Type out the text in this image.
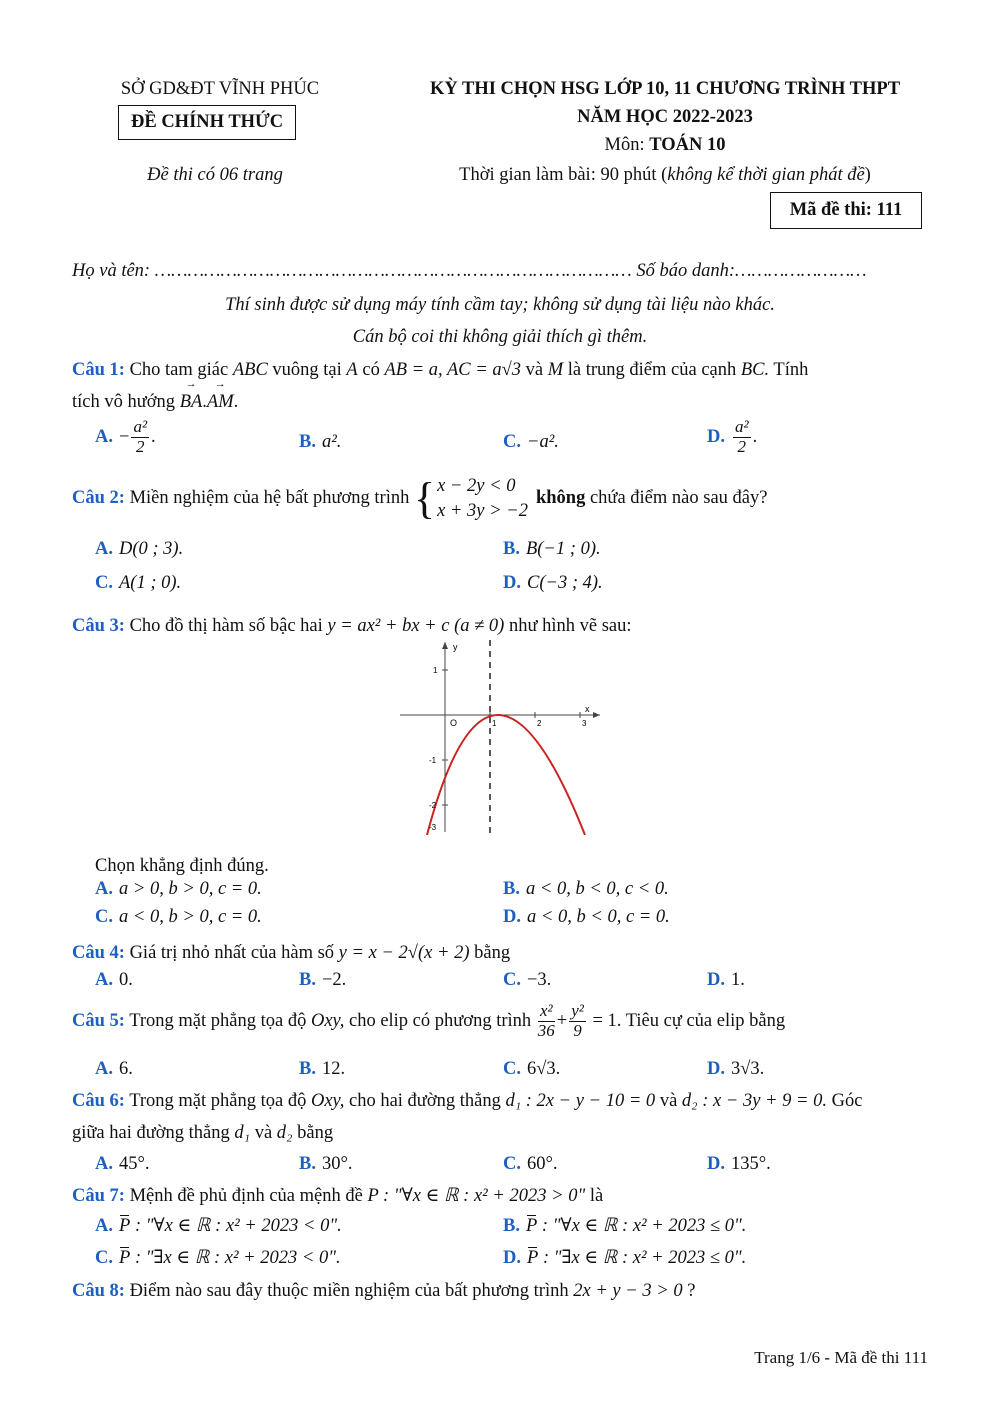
SỞ GD&ĐT VĨNH PHÚC
ĐỀ CHÍNH THỨC
Đề thi có 06 trang
KỲ THI CHỌN HSG LỚP 10, 11 CHƯƠNG TRÌNH THPT
NĂM HỌC 2022-2023
Môn: TOÁN 10
Thời gian làm bài: 90 phút (không kể thời gian phát đề)
Mã đề thi: 111
Họ và tên: …………………………………………………………………………… Số báo danh:……………………
Thí sinh được sử dụng máy tính cầm tay; không sử dụng tài liệu nào khác.
Cán bộ coi thi không giải thích gì thêm.
Câu 1: Cho tam giác ABC vuông tại A có AB = a, AC = a√3 và M là trung điểm của cạnh BC. Tính
tích vô hướng BA →.AM →.
A. − $\frac{\text{a²}}{2}$ .	B. a².	C. −a².	D. $\frac{\text{a²}}{2}$ .
Câu 2: Miền nghiệm của hệ bất phương trình { x − 2y < 0
x + 3y > −2
không chứa điểm nào sau đây?
A. D(0 ; 3).	B. B(−1 ; 0).
C. A(1 ; 0).	D. C(−3 ; 4).
Câu 3: Cho đồ thị hàm số bậc hai y = ax² + bx + c (a ≠ 0) như hình vẽ sau:
y
x
O	1	2	3
1
-1
-2
-3
Chọn khẳng định đúng.
A. a > 0, b > 0, c = 0.	B. a < 0, b < 0, c < 0.
C. a < 0, b > 0, c = 0.	D. a < 0, b < 0, c = 0.
Câu 4: Giá trị nhỏ nhất của hàm số y = x − 2√(x + 2) bằng
A. 0.	B. −2.	C. −3.	D. 1.
Câu 5: Trong mặt phẳng tọa độ Oxy, cho elip có phương trình $\frac{\text{x²}}{36} + \frac{\text{y²}}{9} = 1$. Tiêu cự của elip bằng
A. 6.	B. 12.	C. 6√3.	D. 3√3.
Câu 6: Trong mặt phẳng tọa độ Oxy, cho hai đường thẳng d₁ : 2x − y − 10 = 0 và d₂ : x − 3y + 9 = 0. Góc
giữa hai đường thẳng d₁ và d₂ bằng
A. 45°.	B. 30°.	C. 60°.	D. 135°.
Câu 7: Mệnh đề phủ định của mệnh đề P : "∀x ∈ ℝ : x² + 2023 > 0" là
A. P : "∀x ∈ ℝ : x² + 2023 < 0".	B. P : "∀x ∈ ℝ : x² + 2023 ≤ 0".
C. P : "∃x ∈ ℝ : x² + 2023 < 0".	D. P : "∃x ∈ ℝ : x² + 2023 ≤ 0".
Câu 8: Điểm nào sau đây thuộc miền nghiệm của bất phương trình 2x + y − 3 > 0 ?
Trang 1/6 - Mã đề thi 111
